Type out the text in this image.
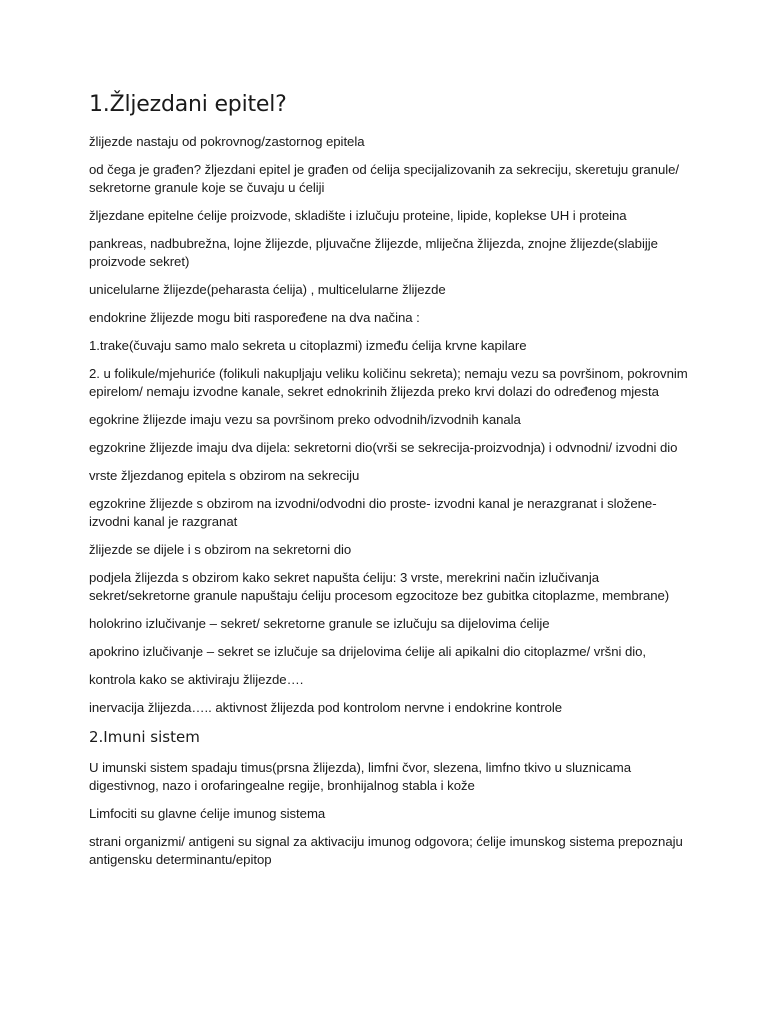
1.Žljezdani epitel?
žlijezde nastaju od pokrovnog/zastornog epitela
od čega je građen? žljezdani epitel je građen od ćelija specijalizovanih za sekreciju, skeretuju granule/ sekretorne granule koje se čuvaju u ćeliji
žljezdane epitelne ćelije proizvode, skladište i izlučuju proteine, lipide, koplekse UH i proteina
pankreas, nadbubrežna, lojne žlijezde, pljuvačne žlijezde, mliječna žlijezda, znojne žlijezde(slabijje proizvode sekret)
unicelularne žlijezde(peharasta ćelija) , multicelularne žlijezde
endokrine žlijezde mogu biti raspoređene na dva načina :
1.trake(čuvaju samo malo sekreta u citoplazmi) između ćelija krvne kapilare
2. u folikule/mjehuriće (folikuli nakupljaju veliku količinu sekreta); nemaju vezu sa površinom, pokrovnim epirelom/ nemaju izvodne kanale, sekret ednokrinih žlijezda preko krvi dolazi do određenog mjesta
egokrine žlijezde imaju vezu sa površinom preko odvodnih/izvodnih kanala
egzokrine žlijezde imaju dva dijela: sekretorni dio(vrši se sekrecija-proizvodnja) i odvnodni/ izvodni dio
vrste žljezdanog epitela s obzirom na sekreciju
egzokrine žlijezde s obzirom na izvodni/odvodni dio proste- izvodni kanal je nerazgranat i složene- izvodni kanal je razgranat
žlijezde se dijele i s obzirom na sekretorni dio
podjela žlijezda s obzirom kako sekret napušta ćeliju: 3 vrste, merekrini način izlučivanja sekret/sekretorne granule napuštaju ćeliju procesom egzocitoze bez gubitka citoplazme, membrane)
holokrino izlučivanje – sekret/ sekretorne granule se izlučuju sa dijelovima ćelije
apokrino izlučivanje – sekret se izlučuje sa drijelovima ćelije ali apikalni dio citoplazme/ vršni dio,
kontrola kako se aktiviraju žlijezde….
inervacija žlijezda….. aktivnost žlijezda pod kontrolom nervne i endokrine kontrole
2.Imuni sistem
U imunski sistem spadaju timus(prsna žlijezda), limfni čvor, slezena, limfno tkivo u sluznicama digestivnog, nazo i orofaringealne regije, bronhijalnog stabla i kože
Limfociti su glavne ćelije imunog sistema
strani organizmi/ antigeni su signal za aktivaciju imunog odgovora; ćelije imunskog sistema prepoznaju antigensku determinantu/epitop
